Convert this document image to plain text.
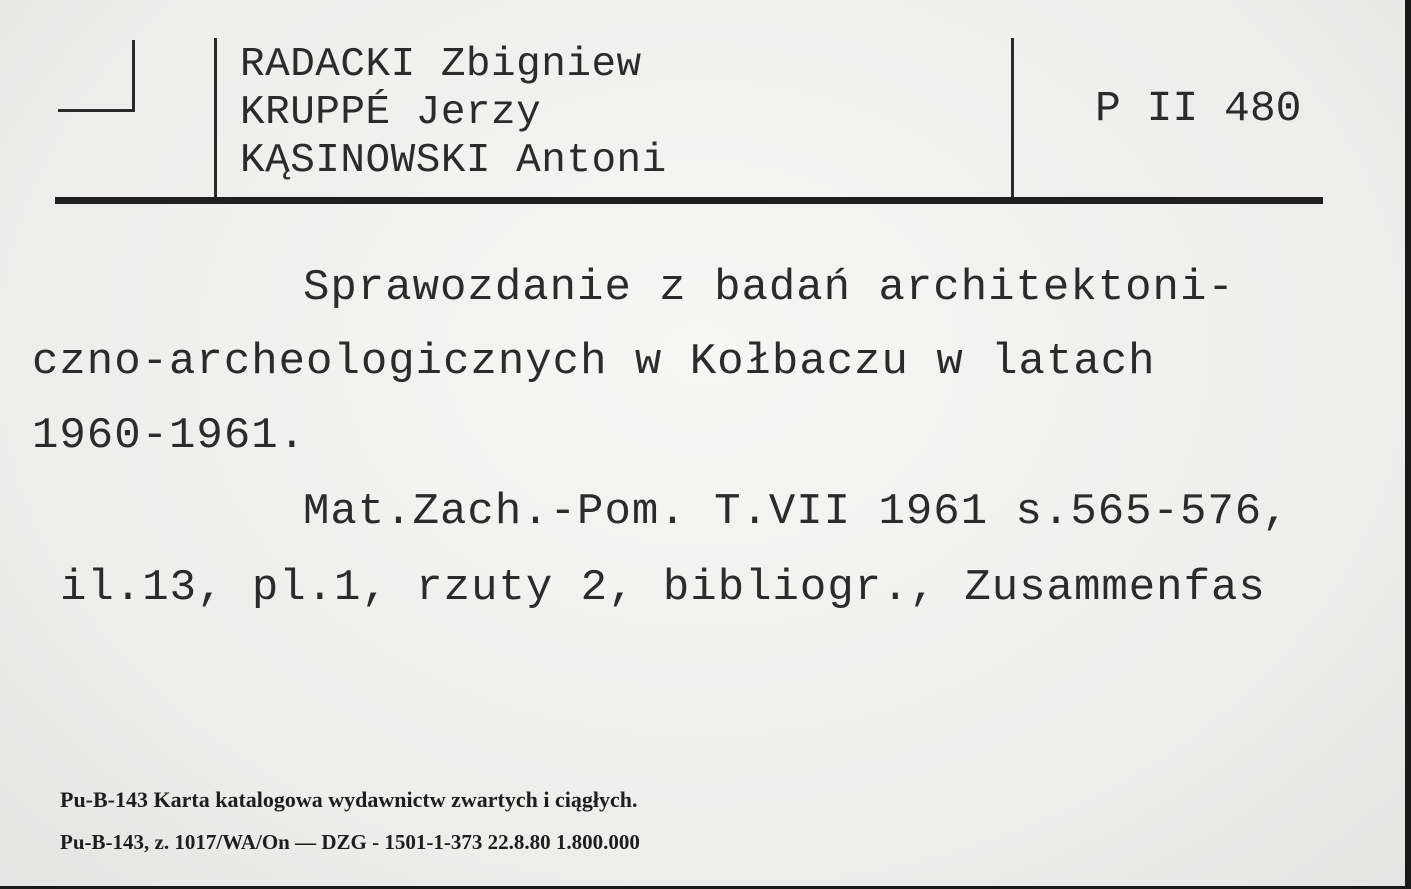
RADACKI Zbigniew
KRUPPÉ Jerzy
KĄSINOWSKI Antoni
P II 480
Sprawozdanie z badań architektoni-
czno-archeologicznych w Kołbaczu w latach
1960-1961.
Mat.Zach.-Pom. T.VII 1961 s.565-576,
il.13, pl.1, rzuty 2, bibliogr., Zusammenfas
Pu-B-143 Karta katalogowa wydawnictw zwartych i ciągłych.
Pu-B-143, z. 1017/WA/On — DZG - 1501-1-373 22.8.80 1.800.000
